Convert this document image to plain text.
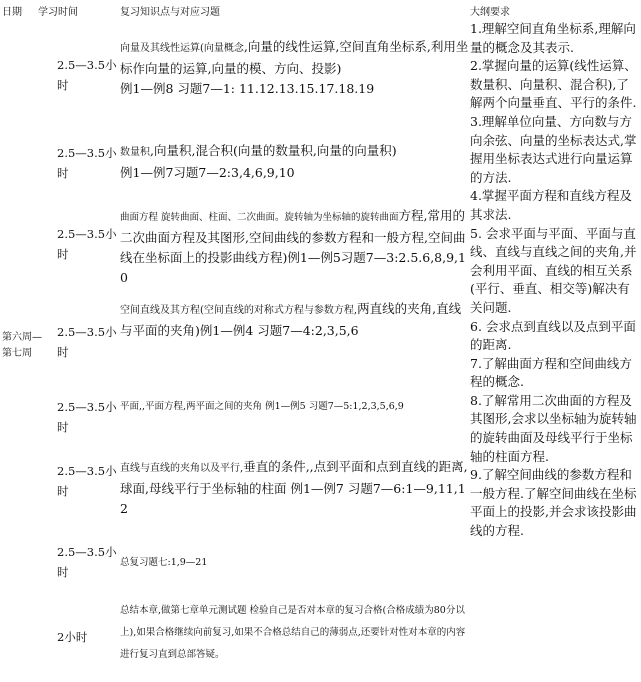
日期 学习时间	复习知识点与对应习题	大纲要求
第六周—第七周
2.5—3.5小时
向量及其线性运算(向量概念,向量的线性运算,空间直角坐标系,利用坐标作向量的运算,向量的模、方向、投影)
例1—例8 习题7—1: 11.12.13.15.17.18.19
2.5—3.5小时
数量积,向量积,混合积(向量的数量积,向量的向量积)
例1—例7习题7—2:3,4,6,9,10
2.5—3.5小时
曲面方程 旋转曲面、柱面、二次曲面。旋转轴为坐标轴的旋转曲面方程,常用的二次曲面方程及其图形,空间曲线的参数方程和一般方程,空间曲线在坐标面上的投影曲线方程)例1—例5习题7—3:2.5.6,8,9,10
2.5—3.5小时
空间直线及其方程(空间直线的对称式方程与参数方程,两直线的夹角,直线与平面的夹角)例1—例4 习题7—4:2,3,5,6
2.5—3.5小时
平面,,平面方程,两平面之间的夹角 例1—例5 习题7—5:1,2,3,5,6,9
2.5—3.5小时
直线与直线的夹角以及平行,垂直的条件,,点到平面和点到直线的距离,球面,母线平行于坐标轴的柱面 例1—例7 习题7—6:1—9,11,12
2.5—3.5小时
总复习题七:1,9—21
2小时
总结本章,做第七章单元测试题 检验自己是否对本章的复习合格(合格成绩为80分以上),如果合格继续向前复习,如果不合格总结自己的薄弱点,还要针对性对本章的内容进行复习直到总部答疑。

1.理解空间直角坐标系,理解向量的概念及其表示.

2.掌握向量的运算(线性运算、数量积、向量积、混合积),了解两个向量垂直、平行的条件.

3.理解单位向量、方向数与方向余弦、向量的坐标表达式,掌握用坐标表达式进行向量运算的方法.

4.掌握平面方程和直线方程及其求法.

5. 会求平面与平面、平面与直线、直线与直线之间的夹角,并会利用平面、直线的相互关系(平行、垂直、相交等)解决有关问题.

6. 会求点到直线以及点到平面的距离.

7.了解曲面方程和空间曲线方程的概念.

8.了解常用二次曲面的方程及其图形,会求以坐标轴为旋转轴的旋转曲面及母线平行于坐标轴的柱面方程.

9.了解空间曲线的参数方程和一般方程.了解空间曲线在坐标平面上的投影,并会求该投影曲线的方程.
